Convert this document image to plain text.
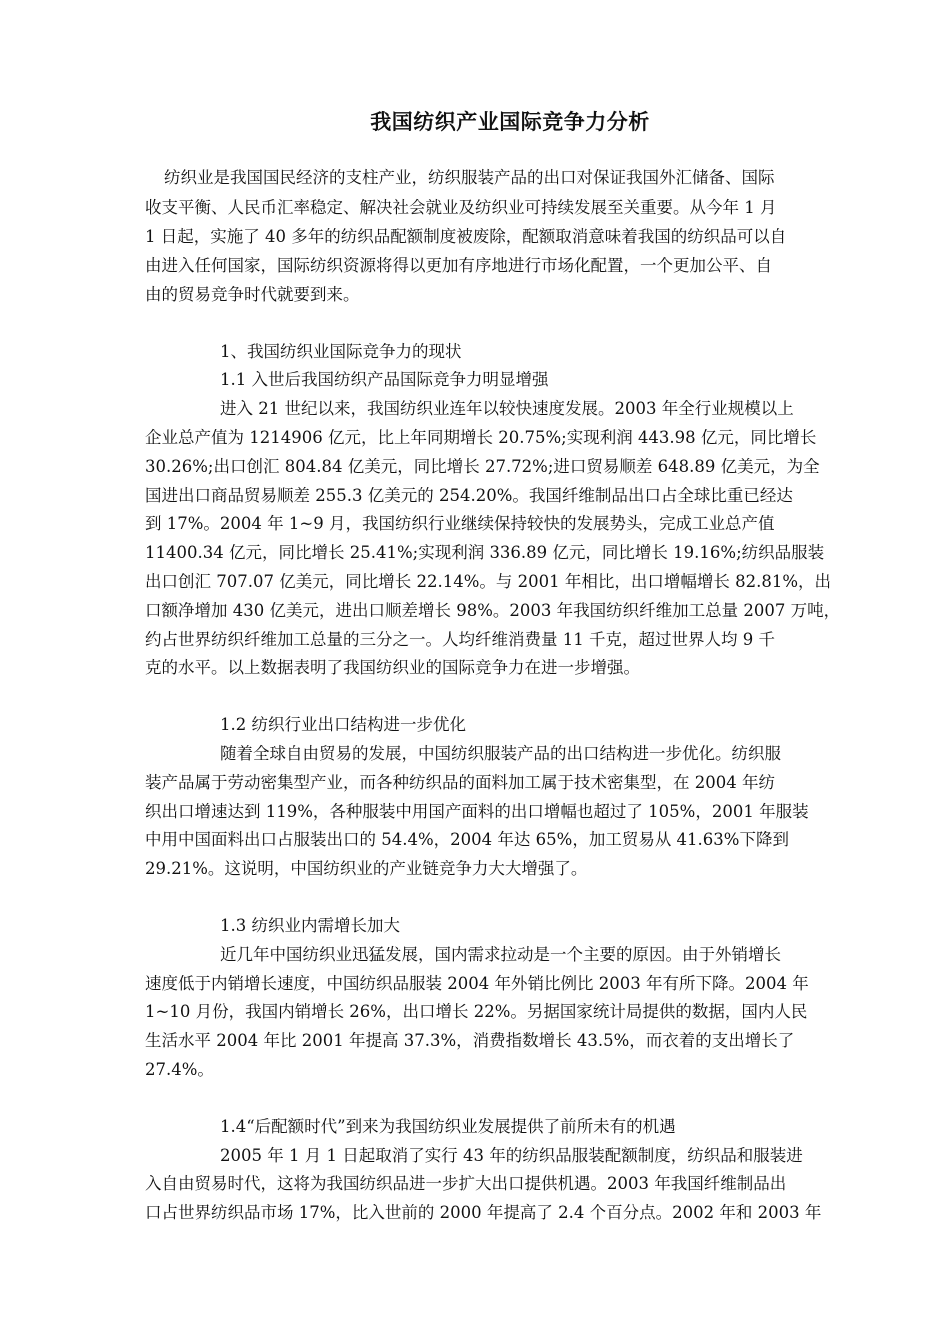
我国纺织产业国际竞争力分析
纺织业是我国国民经济的支柱产业，纺织服装产品的出口对保证我国外汇储备、国际
收支平衡、人民币汇率稳定、解决社会就业及纺织业可持续发展至关重要。从今年 1 月
1 日起，实施了 40 多年的纺织品配额制度被废除，配额取消意味着我国的纺织品可以自
由进入任何国家，国际纺织资源将得以更加有序地进行市场化配置，一个更加公平、自
由的贸易竞争时代就要到来。
1、我国纺织业国际竞争力的现状
1.1 入世后我国纺织产品国际竞争力明显增强
进入 21 世纪以来，我国纺织业连年以较快速度发展。2003 年全行业规模以上
企业总产值为 1214906 亿元，比上年同期增长 20.75%;实现利润 443.98 亿元，同比增长
30.26%;出口创汇 804.84 亿美元，同比增长 27.72%;进口贸易顺差 648.89 亿美元，为全
国进出口商品贸易顺差 255.3 亿美元的 254.20%。我国纤维制品出口占全球比重已经达
到 17%。2004 年 1~9 月，我国纺织行业继续保持较快的发展势头，完成工业总产值
11400.34 亿元，同比增长 25.41%;实现利润 336.89 亿元，同比增长 19.16%;纺织品服装
出口创汇 707.07 亿美元，同比增长 22.14%。与 2001 年相比，出口增幅增长 82.81%，出
口额净增加 430 亿美元，进出口顺差增长 98%。2003 年我国纺织纤维加工总量 2007 万吨，
约占世界纺织纤维加工总量的三分之一。人均纤维消费量 11 千克，超过世界人均 9 千
克的水平。以上数据表明了我国纺织业的国际竞争力在进一步增强。
1.2 纺织行业出口结构进一步优化
随着全球自由贸易的发展，中国纺织服装产品的出口结构进一步优化。纺织服
装产品属于劳动密集型产业，而各种纺织品的面料加工属于技术密集型，在 2004 年纺
织出口增速达到 119%，各种服装中用国产面料的出口增幅也超过了 105%，2001 年服装
中用中国面料出口占服装出口的 54.4%，2004 年达 65%，加工贸易从 41.63%下降到
29.21%。这说明，中国纺织业的产业链竞争力大大增强了。
1.3 纺织业内需增长加大
近几年中国纺织业迅猛发展，国内需求拉动是一个主要的原因。由于外销增长
速度低于内销增长速度，中国纺织品服装 2004 年外销比例比 2003 年有所下降。2004 年
1~10 月份，我国内销增长 26%，出口增长 22%。另据国家统计局提供的数据，国内人民
生活水平 2004 年比 2001 年提高 37.3%，消费指数增长 43.5%，而衣着的支出增长了
27.4%。
1.4“后配额时代”到来为我国纺织业发展提供了前所未有的机遇
2005 年 1 月 1 日起取消了实行 43 年的纺织品服装配额制度，纺织品和服装进
入自由贸易时代，这将为我国纺织品进一步扩大出口提供机遇。2003 年我国纤维制品出
口占世界纺织品市场 17%，比入世前的 2000 年提高了 2.4 个百分点。2002 年和 2003 年
